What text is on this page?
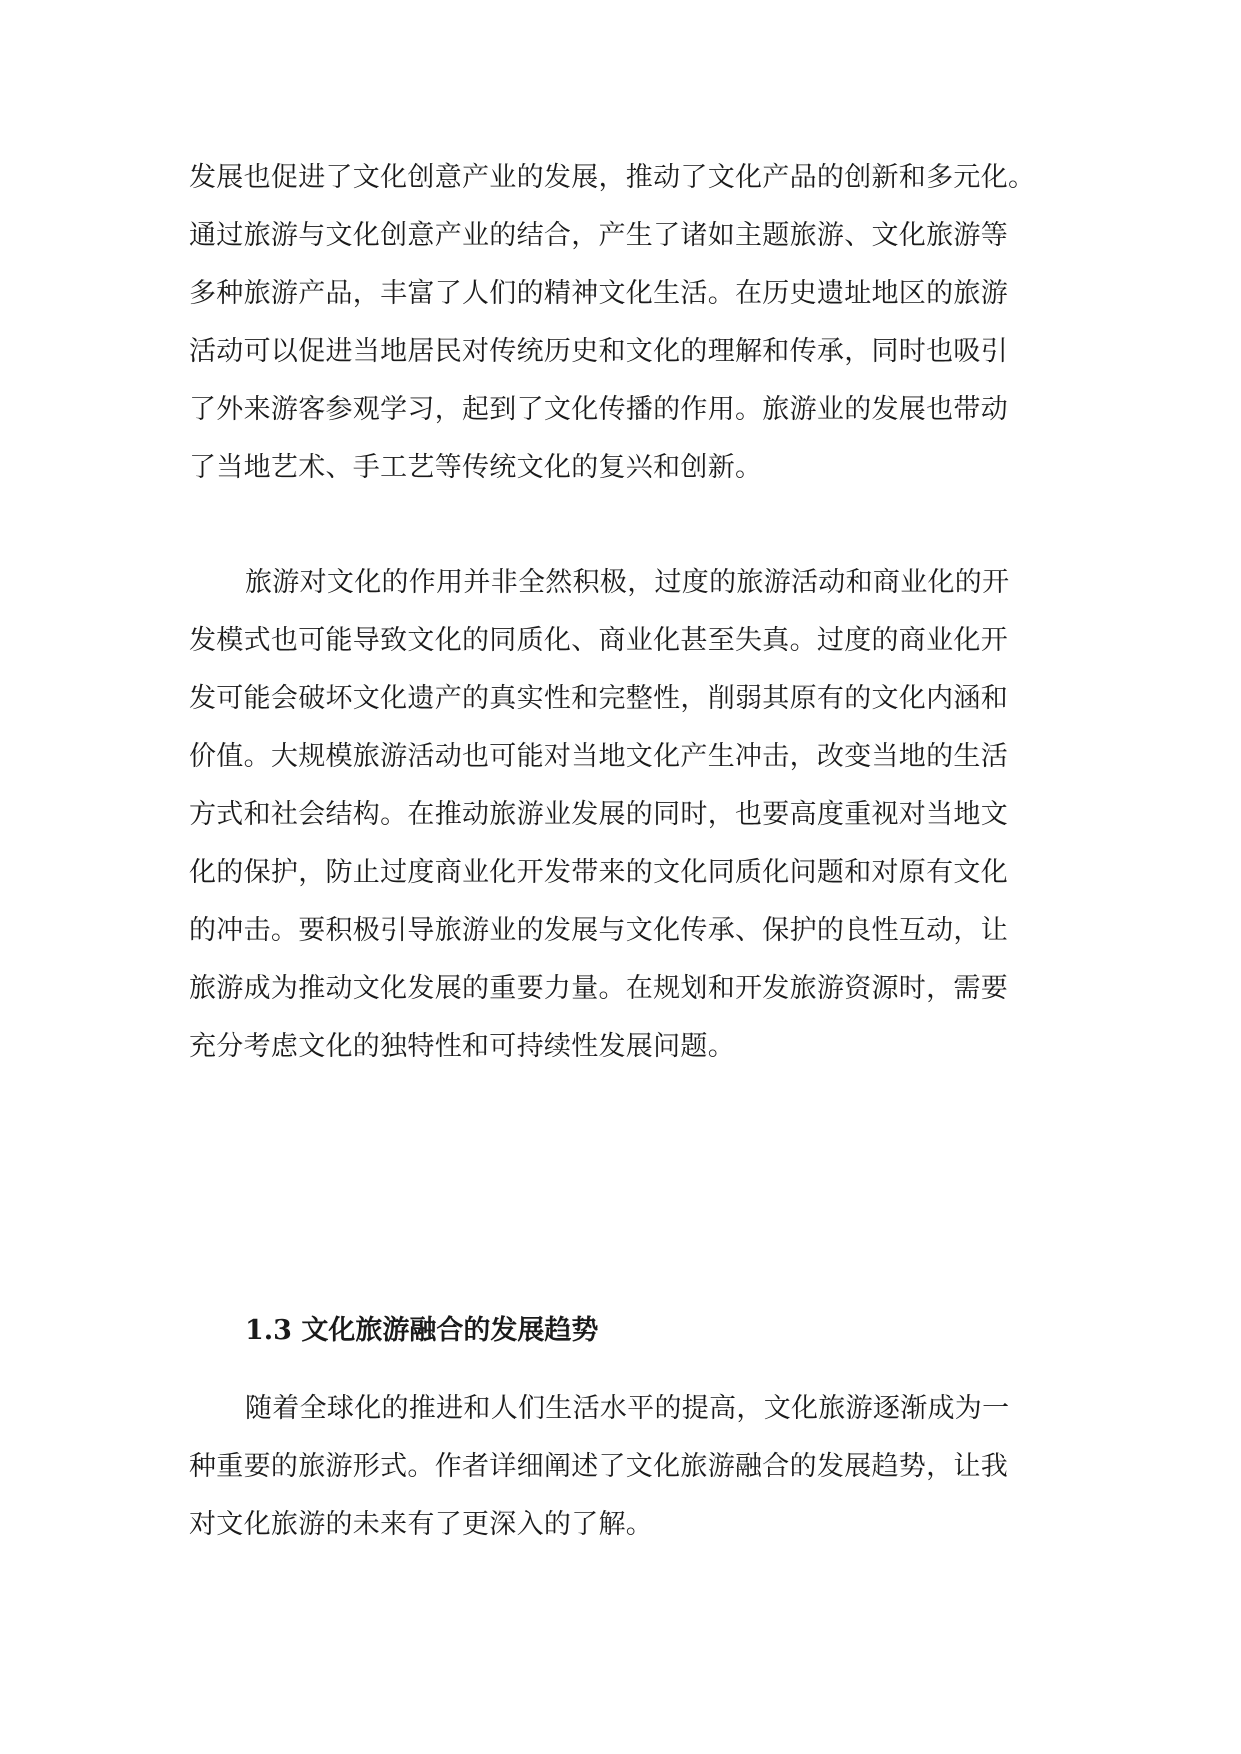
发展也促进了文化创意产业的发展，推动了文化产品的创新和多元化。
通过旅游与文化创意产业的结合，产生了诸如主题旅游、文化旅游等
多种旅游产品，丰富了人们的精神文化生活。在历史遗址地区的旅游
活动可以促进当地居民对传统历史和文化的理解和传承，同时也吸引
了外来游客参观学习，起到了文化传播的作用。旅游业的发展也带动
了当地艺术、手工艺等传统文化的复兴和创新。
旅游对文化的作用并非全然积极，过度的旅游活动和商业化的开
发模式也可能导致文化的同质化、商业化甚至失真。过度的商业化开
发可能会破坏文化遗产的真实性和完整性，削弱其原有的文化内涵和
价值。大规模旅游活动也可能对当地文化产生冲击，改变当地的生活
方式和社会结构。在推动旅游业发展的同时，也要高度重视对当地文
化的保护，防止过度商业化开发带来的文化同质化问题和对原有文化
的冲击。要积极引导旅游业的发展与文化传承、保护的良性互动，让
旅游成为推动文化发展的重要力量。在规划和开发旅游资源时，需要
充分考虑文化的独特性和可持续性发展问题。
1.3 文化旅游融合的发展趋势
随着全球化的推进和人们生活水平的提高，文化旅游逐渐成为一
种重要的旅游形式。作者详细阐述了文化旅游融合的发展趋势，让我
对文化旅游的未来有了更深入的了解。
